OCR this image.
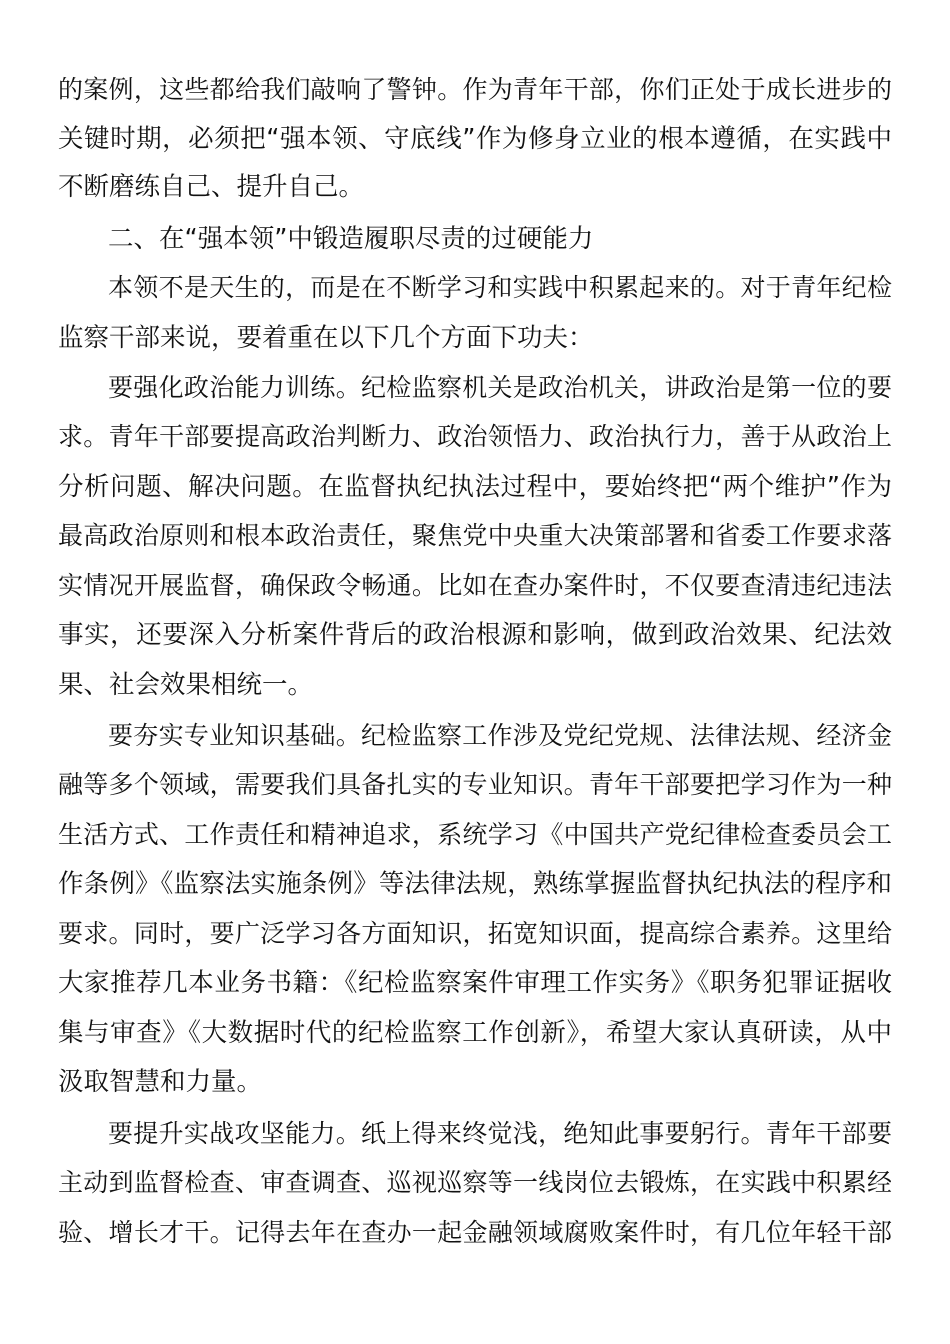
的案例，这些都给我们敲响了警钟。作为青年干部，你们正处于成长进步的

关键时期，必须把“强本领、守底线”作为修身立业的根本遵循，在实践中

不断磨练自己、提升自己。

二、在“强本领”中锻造履职尽责的过硬能力

本领不是天生的，而是在不断学习和实践中积累起来的。对于青年纪检

监察干部来说，要着重在以下几个方面下功夫：

要强化政治能力训练。纪检监察机关是政治机关，讲政治是第一位的要

求。青年干部要提高政治判断力、政治领悟力、政治执行力，善于从政治上

分析问题、解决问题。在监督执纪执法过程中，要始终把“两个维护”作为

最高政治原则和根本政治责任，聚焦党中央重大决策部署和省委工作要求落

实情况开展监督，确保政令畅通。比如在查办案件时，不仅要查清违纪违法

事实，还要深入分析案件背后的政治根源和影响，做到政治效果、纪法效

果、社会效果相统一。

要夯实专业知识基础。纪检监察工作涉及党纪党规、法律法规、经济金

融等多个领域，需要我们具备扎实的专业知识。青年干部要把学习作为一种

生活方式、工作责任和精神追求，系统学习《中国共产党纪律检查委员会工

作条例》《监察法实施条例》等法律法规，熟练掌握监督执纪执法的程序和

要求。同时，要广泛学习各方面知识，拓宽知识面，提高综合素养。这里给

大家推荐几本业务书籍：《纪检监察案件审理工作实务》《职务犯罪证据收

集与审查》《大数据时代的纪检监察工作创新》，希望大家认真研读，从中

汲取智慧和力量。

要提升实战攻坚能力。纸上得来终觉浅，绝知此事要躬行。青年干部要

主动到监督检查、审查调查、巡视巡察等一线岗位去锻炼，在实践中积累经

验、增长才干。记得去年在查办一起金融领域腐败案件时，有几位年轻干部
